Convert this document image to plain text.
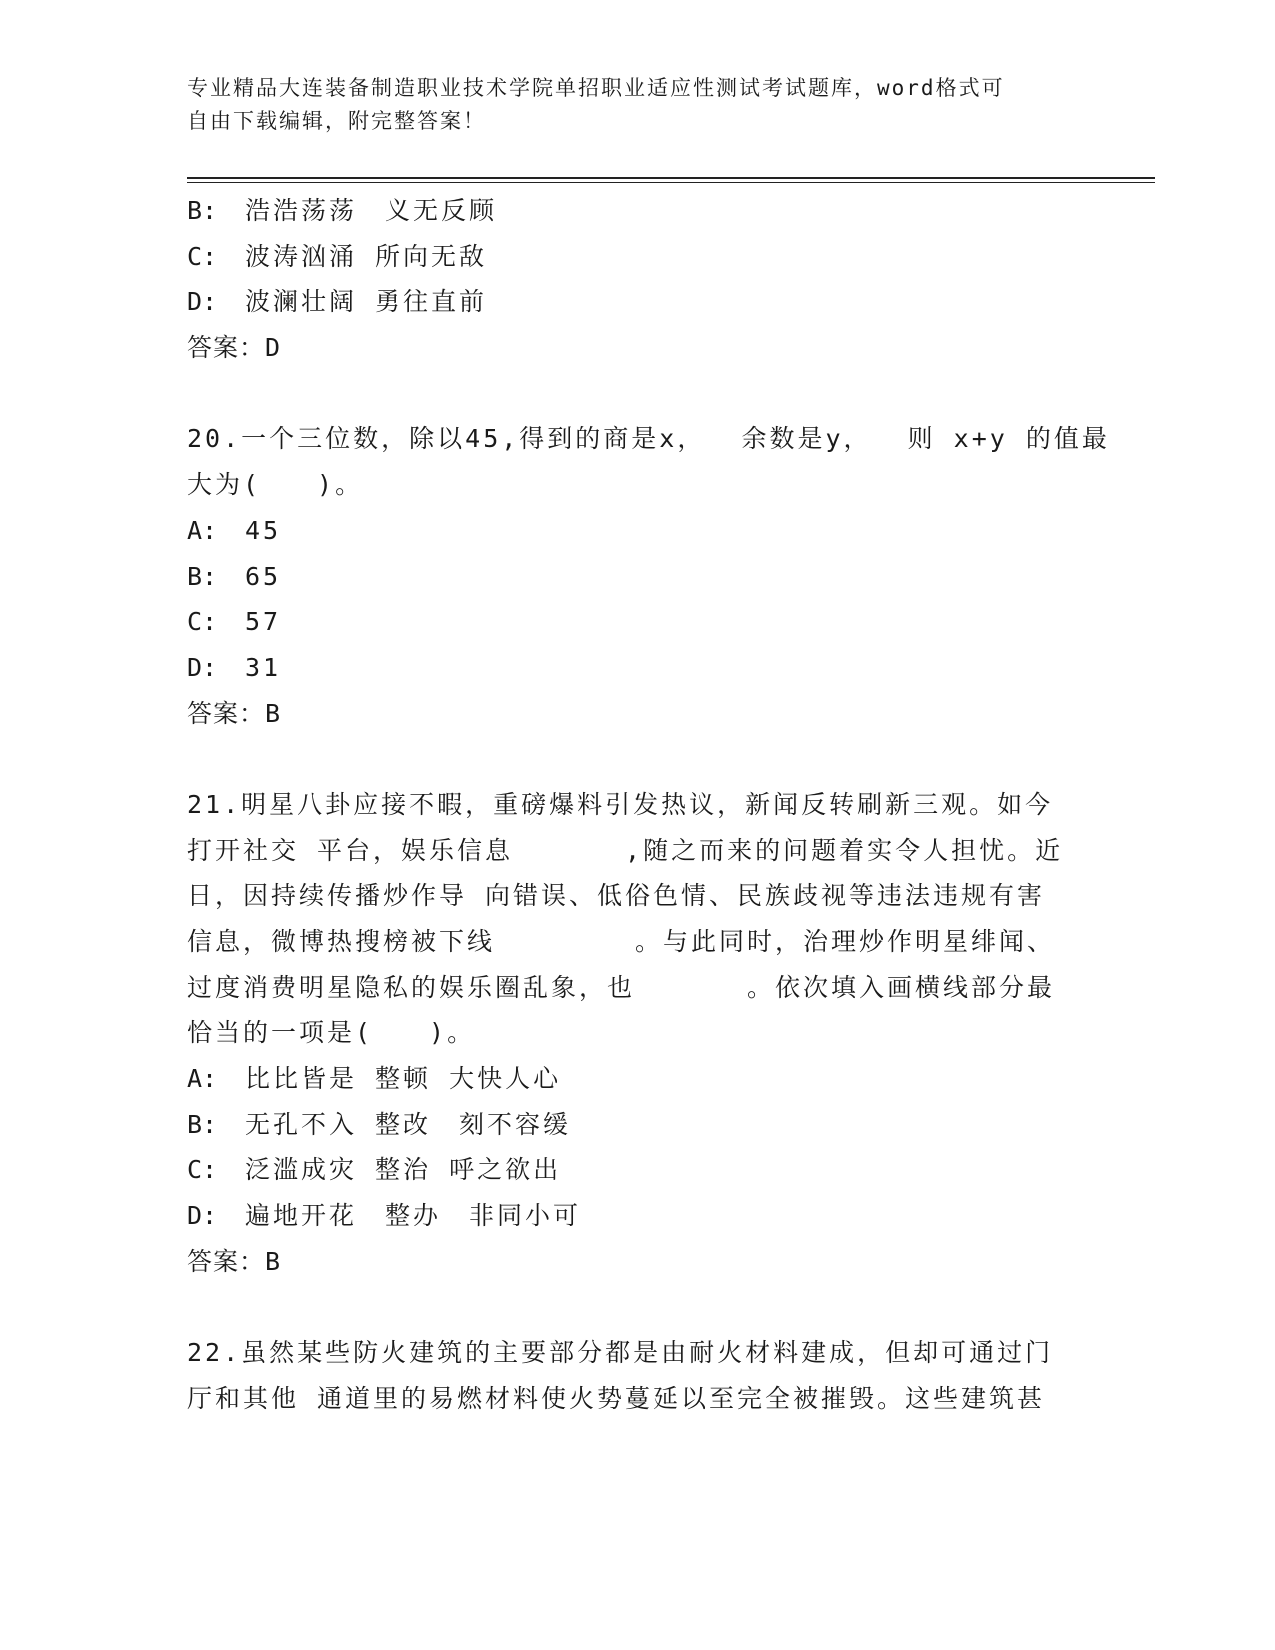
专业精品大连装备制造职业技术学院单招职业适应性测试考试题库，word格式可
自由下载编辑，附完整答案！
B: 浩浩荡荡　义无反顾
C: 波涛汹涌 所向无敌
D: 波澜壮阔 勇往直前
答案：D
20.一个三位数，除以45,得到的商是x，  余数是y，  则 x+y 的值最
大为(　　)。
A: 45
B: 65
C: 57
D: 31
答案：B
21.明星八卦应接不暇，重磅爆料引发热议，新闻反转刷新三观。如今
打开社交 平台，娱乐信息　　　　,随之而来的问题着实令人担忧。近
日，因持续传播炒作导 向错误、低俗色情、民族歧视等违法违规有害
信息，微博热搜榜被下线　　　　　。与此同时，治理炒作明星绯闻、
过度消费明星隐私的娱乐圈乱象，也　　　　。依次填入画横线部分最
恰当的一项是(　　)。
A: 比比皆是 整顿 大快人心
B: 无孔不入 整改　刻不容缓
C: 泛滥成灾 整治 呼之欲出
D: 遍地开花　整办　非同小可
答案：B
22.虽然某些防火建筑的主要部分都是由耐火材料建成，但却可通过门
厅和其他 通道里的易燃材料使火势蔓延以至完全被摧毁。这些建筑甚
